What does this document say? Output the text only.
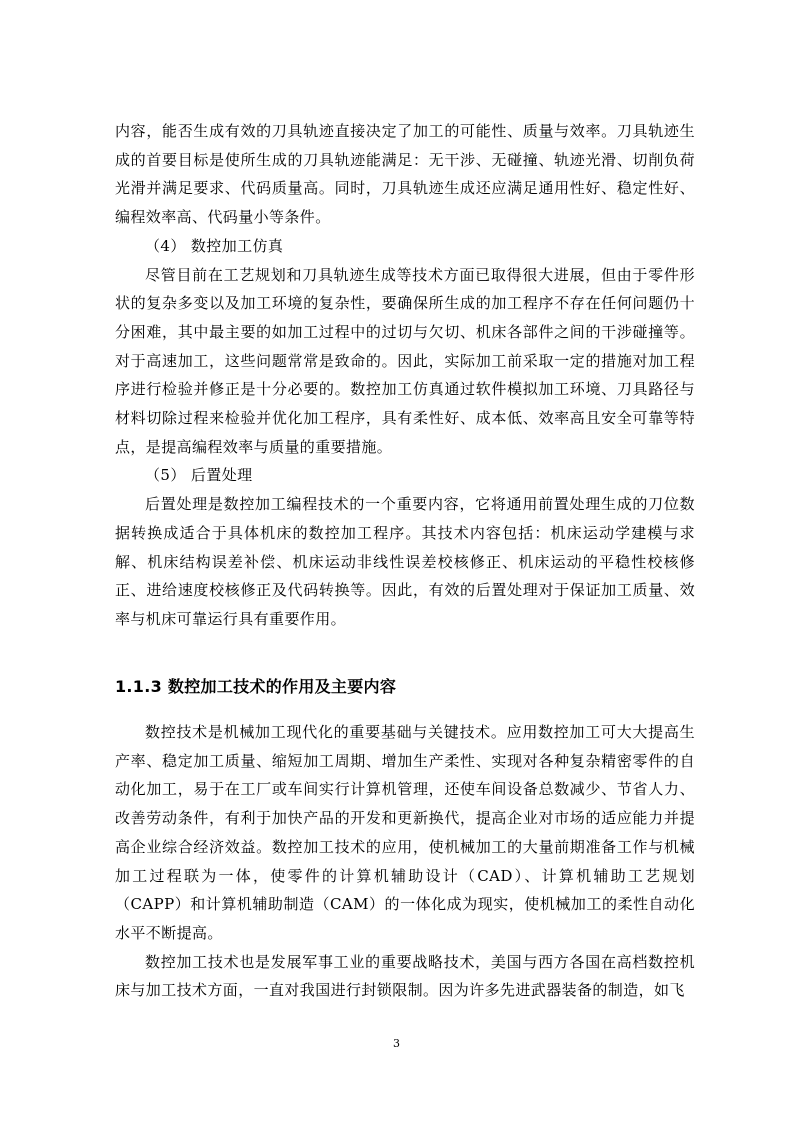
内容，能否生成有效的刀具轨迹直接决定了加工的可能性、质量与效率。刀具轨迹生成的首要目标是使所生成的刀具轨迹能满足：无干涉、无碰撞、轨迹光滑、切削负荷光滑并满足要求、代码质量高。同时，刀具轨迹生成还应满足通用性好、稳定性好、编程效率高、代码量小等条件。

（4） 数控加工仿真

尽管目前在工艺规划和刀具轨迹生成等技术方面已取得很大进展，但由于零件形状的复杂多变以及加工环境的复杂性，要确保所生成的加工程序不存在任何问题仍十分困难，其中最主要的如加工过程中的过切与欠切、机床各部件之间的干涉碰撞等。对于高速加工，这些问题常常是致命的。因此，实际加工前采取一定的措施对加工程序进行检验并修正是十分必要的。数控加工仿真通过软件模拟加工环境、刀具路径与材料切除过程来检验并优化加工程序，具有柔性好、成本低、效率高且安全可靠等特点，是提高编程效率与质量的重要措施。

（5） 后置处理

后置处理是数控加工编程技术的一个重要内容，它将通用前置处理生成的刀位数据转换成适合于具体机床的数控加工程序。其技术内容包括：机床运动学建模与求解、机床结构误差补偿、机床运动非线性误差校核修正、机床运动的平稳性校核修正、进给速度校核修正及代码转换等。因此，有效的后置处理对于保证加工质量、效率与机床可靠运行具有重要作用。

1.1.3 数控加工技术的作用及主要内容

数控技术是机械加工现代化的重要基础与关键技术。应用数控加工可大大提高生产率、稳定加工质量、缩短加工周期、增加生产柔性、实现对各种复杂精密零件的自动化加工，易于在工厂或车间实行计算机管理，还使车间设备总数减少、节省人力、改善劳动条件，有利于加快产品的开发和更新换代，提高企业对市场的适应能力并提高企业综合经济效益。数控加工技术的应用，使机械加工的大量前期准备工作与机械加工过程联为一体，使零件的计算机辅助设计（CAD）、计算机辅助工艺规划（CAPP）和计算机辅助制造（CAM）的一体化成为现实，使机械加工的柔性自动化水平不断提高。

数控加工技术也是发展军事工业的重要战略技术，美国与西方各国在高档数控机床与加工技术方面，一直对我国进行封锁限制。因为许多先进武器装备的制造，如飞

3
